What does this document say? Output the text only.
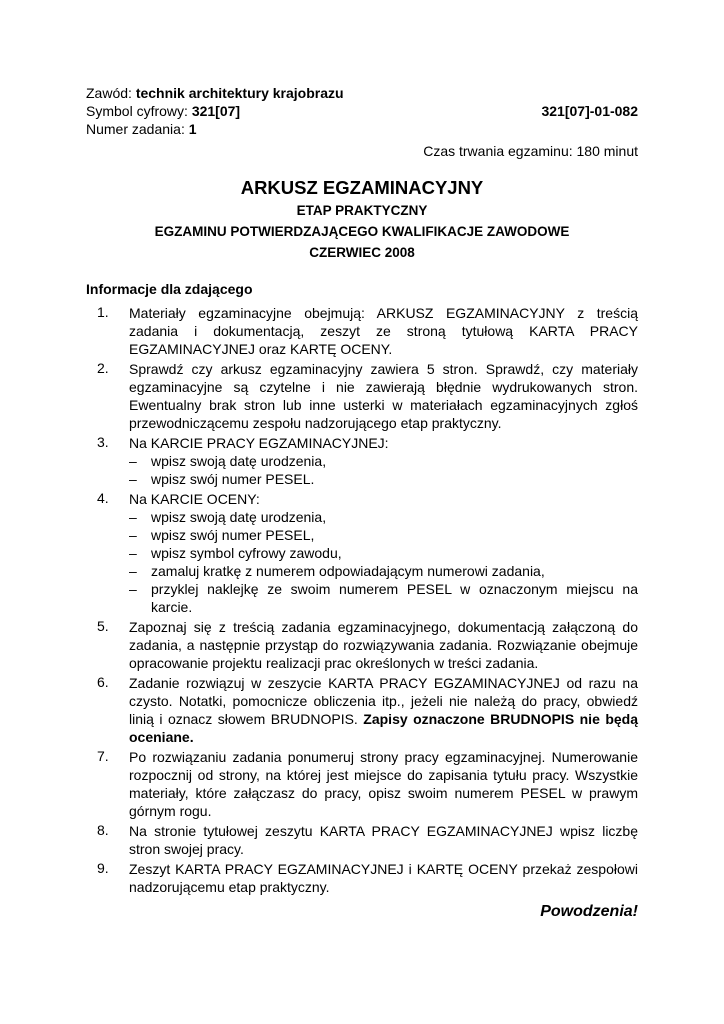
Zawód: technik architektury krajobrazu
Symbol cyfrowy: 321[07]	321[07]-01-082
Numer zadania: 1
Czas trwania egzaminu: 180 minut
ARKUSZ EGZAMINACYJNY
ETAP PRAKTYCZNY
EGZAMINU POTWIERDZAJĄCEGO KWALIFIKACJE ZAWODOWE
CZERWIEC 2008
Informacje dla zdającego
1. Materiały egzaminacyjne obejmują: ARKUSZ EGZAMINACYJNY z treścią zadania i dokumentacją, zeszyt ze stroną tytułową KARTA PRACY EGZAMINACYJNEJ oraz KARTĘ OCENY.
2. Sprawdź czy arkusz egzaminacyjny zawiera 5 stron. Sprawdź, czy materiały egzaminacyjne są czytelne i nie zawierają błędnie wydrukowanych stron. Ewentualny brak stron lub inne usterki w materiałach egzaminacyjnych zgłoś przewodniczącemu zespołu nadzorującego etap praktyczny.
3. Na KARCIE PRACY EGZAMINACYJNEJ:
– wpisz swoją datę urodzenia,
– wpisz swój numer PESEL.
4. Na KARCIE OCENY:
– wpisz swoją datę urodzenia,
– wpisz swój numer PESEL,
– wpisz symbol cyfrowy zawodu,
– zamaluj kratkę z numerem odpowiadającym numerowi zadania,
– przyklej naklejkę ze swoim numerem PESEL w oznaczonym miejscu na karcie.
5. Zapoznaj się z treścią zadania egzaminacyjnego, dokumentacją załączoną do zadania, a następnie przystąp do rozwiązywania zadania. Rozwiązanie obejmuje opracowanie projektu realizacji prac określonych w treści zadania.
6. Zadanie rozwiązuj w zeszycie KARTA PRACY EGZAMINACYJNEJ od razu na czysto. Notatki, pomocnicze obliczenia itp., jeżeli nie należą do pracy, obwiedź linią i oznacz słowem BRUDNOPIS. Zapisy oznaczone BRUDNOPIS nie będą oceniane.
7. Po rozwiązaniu zadania ponumeruj strony pracy egzaminacyjnej. Numerowanie rozpocznij od strony, na której jest miejsce do zapisania tytułu pracy. Wszystkie materiały, które załączasz do pracy, opisz swoim numerem PESEL w prawym górnym rogu.
8. Na stronie tytułowej zeszytu KARTA PRACY EGZAMINACYJNEJ wpisz liczbę stron swojej pracy.
9. Zeszyt KARTA PRACY EGZAMINACYJNEJ i KARTĘ OCENY przekaż zespołowi nadzorującemu etap praktyczny.
Powodzenia!
